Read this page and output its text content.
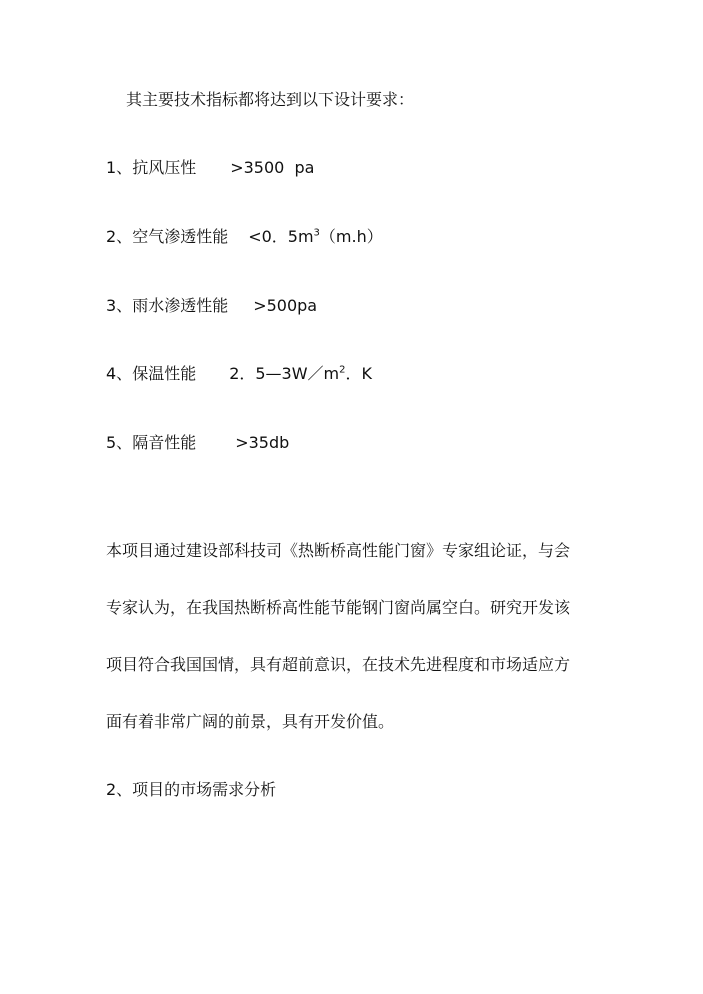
其主要技术指标都将达到以下设计要求：
1、 抗风压性	>3500  pa
2、 空气渗透性能	<0．$5m^3(m.h)$
3、 雨水渗透性能	>500pa
4、 保温性能	2．$5—3W/m^2$．K
5、 隔音性能	>35db
本项目通过建设部科技司《热断桥高性能门窗》专家组论证，与会
专家认为，在我国热断桥高性能节能钢门窗尚属空白。研究开发该
项目符合我国国情，具有超前意识，在技术先进程度和市场适应方
面有着非常广阔的前景，具有开发价值。
2、项目的市场需求分析
